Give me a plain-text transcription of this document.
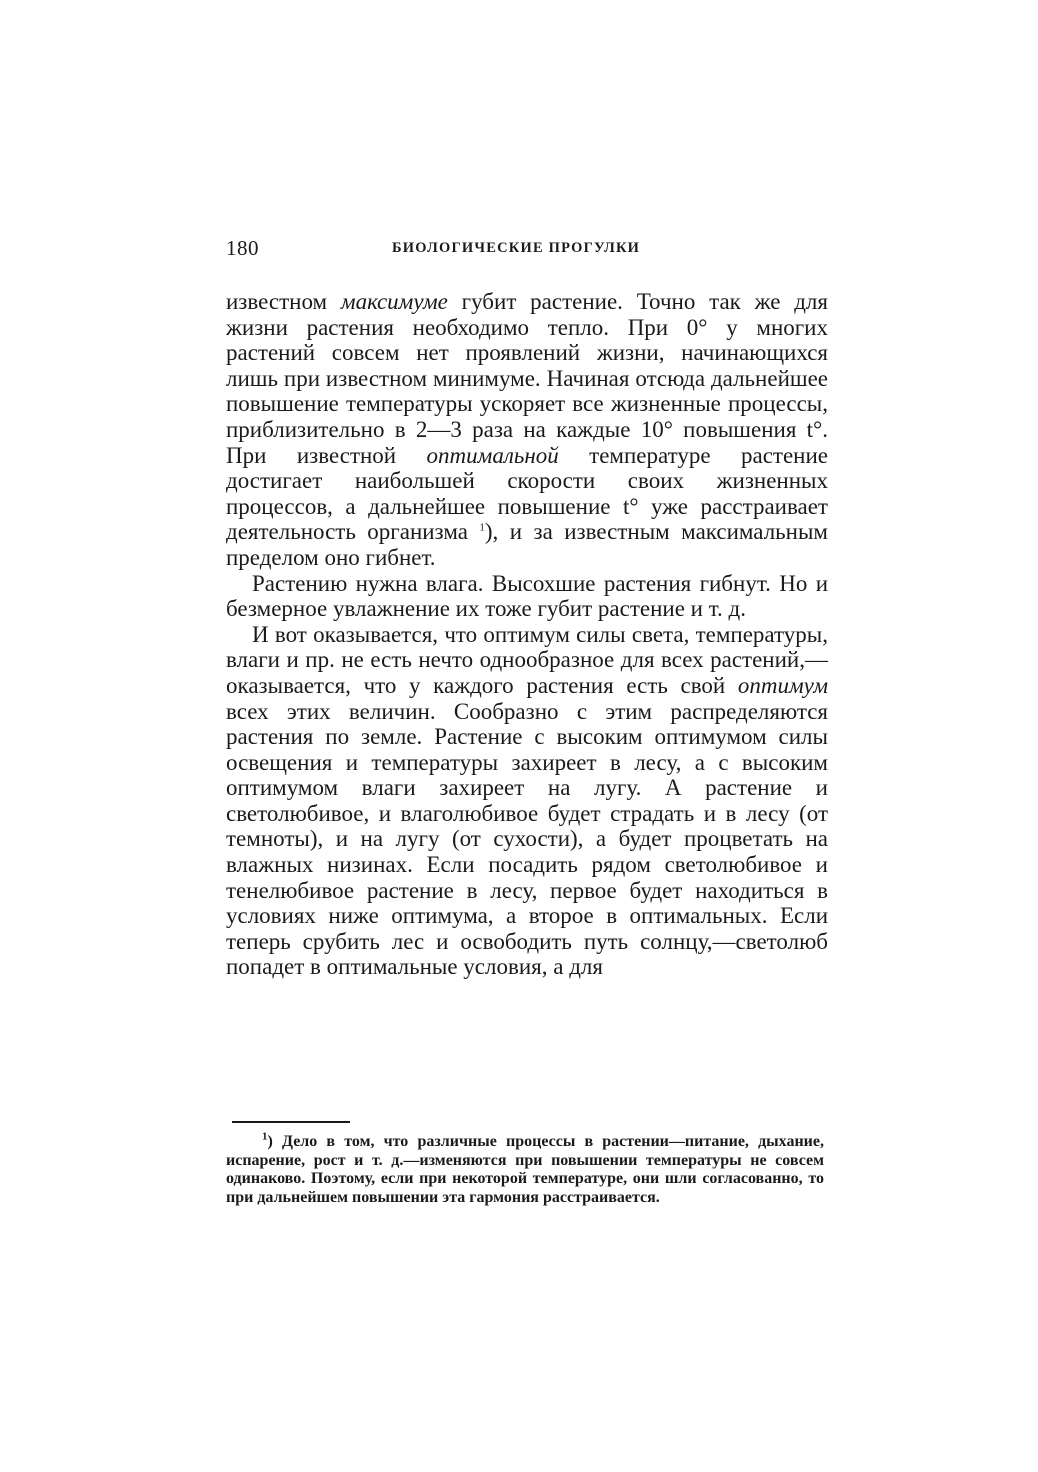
180	БИОЛОГИЧЕСКИЕ ПРОГУЛКИ

известном максимуме губит растение. Точно так же для жизни растения необходимо тепло. При 0° у многих растений совсем нет проявлений жизни, начинающихся лишь при известном минимуме. Начиная отсюда дальнейшее повышение температуры ускоряет все жизненные процессы, приблизительно в 2—3 раза на каждые 10° повышения t°. При известной оптимальной температуре растение достигает наибольшей скорости своих жизненных процессов, а дальнейшее повышение t° уже расстраивает деятельность организма $^1$), и за известным максимальным пределом оно гибнет.

Растению нужна влага. Высохшие растения гибнут. Но и безмерное увлажнение их тоже губит растение и т. д.

И вот оказывается, что оптимум силы света, температуры, влаги и пр. не есть нечто однообразное для всех растений,—оказывается, что у каждого растения есть свой оптимум всех этих величин. Сообразно с этим распределяются растения по земле. Растение с высоким оптимумом силы освещения и температуры захиреет в лесу, а с высоким оптимумом влаги захиреет на лугу. А растение и светолюбивое, и влаголюбивое будет страдать и в лесу (от темноты), и на лугу (от сухости), а будет процветать на влажных низинах. Если посадить рядом светолюбивое и тенелюбивое растение в лесу, первое будет находиться в условиях ниже оптимума, а второе в оптимальных. Если теперь срубить лес и освободить путь солнцу,—светолюб попадет в оптимальные условия, а для

$^1$) Дело в том, что различные процессы в растении—питание, дыхание, испарение, рост и т. д.—изменяются при повышении температуры не совсем одинаково. Поэтому, если при некоторой температуре, они шли согласованно, то при дальнейшем повышении эта гармония расстраивается.
